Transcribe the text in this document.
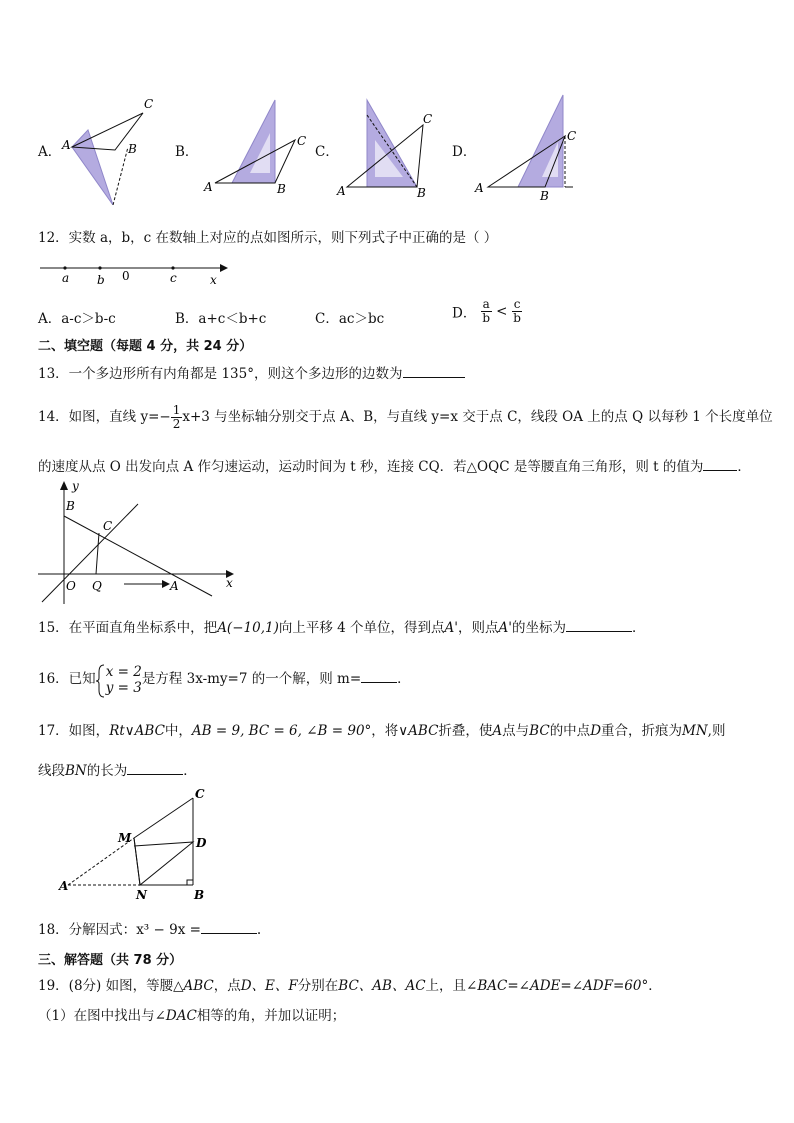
A．
C
A	B	B．
C
A	B
C．
C
A	B
D．
C
A
B
12．实数 a，b，c 在数轴上对应的点如图所示，则下列式子中正确的是（ ）
a b 0	c	x
A．a-c＞b-c	B．a+c＜b+c	C．ac＞bc	D． $\frac{a}{b} < \frac{c}{b}$
二、填空题（每题 4 分，共 24 分）
13．一个多边形所有内角都是 135°，则这个多边形的边数为
14．如图，直线 $y=- \frac{1}{2} x+3$ 与坐标轴分别交于点 A、B，与直线 y=x 交于点 C，线段 OA 上的点 Q 以每秒 1 个长度单位
的速度从点 O 出发向点 A 作匀速运动，运动时间为 t 秒，连接 CQ．若△OQC 是等腰直角三角形，则 t 的值为	．
y
B
C
O Q	A	x
15．在平面直角坐标系中，把A(−10,1)向上平移 4 个单位，得到点A'，则点A'的坐标为	．
16．已知 x = 2
y = 3
是方程 3x-my=7 的一个解，则 m=	．
17．如图，Rt∨ABC中，AB = 9, BC = 6, ∠B = 90°，将∨ABC折叠，使A点与BC的中点D重合，折痕为MN,则
线段BN的长为	．
C
M	D
A
N	B
18．分解因式：x³ − 9x =	.
三、解答题（共 78 分）
19．(8分) 如图，等腰△ABC，点D、E、F分别在BC、AB、AC上，且∠BAC=∠ADE=∠ADF=60°．
（1）在图中找出与∠DAC相等的角，并加以证明；
